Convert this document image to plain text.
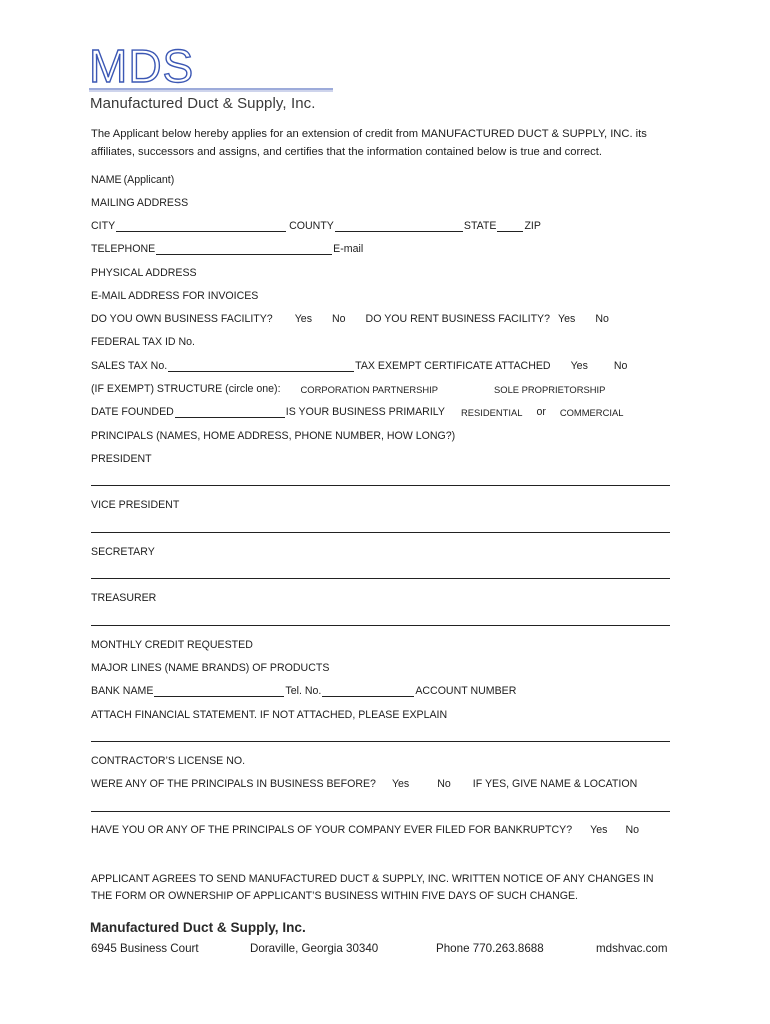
MDS
Manufactured Duct & Supply, Inc.
The Applicant below hereby applies for an extension of credit from MANUFACTURED DUCT & SUPPLY, INC. its affiliates, successors and assigns, and certifies that the information contained below is true and correct.
NAME (Applicant)
MAILING ADDRESS
CITY	COUNTY	STATE	ZIP
TELEPHONE	E-mail
PHYSICAL ADDRESS
E-MAIL ADDRESS FOR INVOICES
DO YOU OWN BUSINESS FACILITY? Yes No DO YOU RENT BUSINESS FACILITY? Yes No
FEDERAL TAX ID No.
SALES TAX No.	TAX EXEMPT CERTIFICATE ATTACHED Yes No
(IF EXEMPT) STRUCTURE (circle one): CORPORATION PARTNERSHIP	SOLE PROPRIETORSHIP
DATE FOUNDED	IS YOUR BUSINESS PRIMARILY RESIDENTIAL or COMMERCIAL
PRINCIPALS (NAMES, HOME ADDRESS, PHONE NUMBER, HOW LONG?)
PRESIDENT
VICE PRESIDENT
SECRETARY
TREASURER
MONTHLY CREDIT REQUESTED
MAJOR LINES (NAME BRANDS) OF PRODUCTS
BANK NAME	Tel. No.	ACCOUNT NUMBER
ATTACH FINANCIAL STATEMENT. IF NOT ATTACHED, PLEASE EXPLAIN
CONTRACTOR’S LICENSE NO.
WERE ANY OF THE PRINCIPALS IN BUSINESS BEFORE? Yes	No IF YES, GIVE NAME & LOCATION
HAVE YOU OR ANY OF THE PRINCIPALS OF YOUR COMPANY EVER FILED FOR BANKRUPTCY? Yes No
APPLICANT AGREES TO SEND MANUFACTURED DUCT & SUPPLY, INC. WRITTEN NOTICE OF ANY CHANGES IN THE FORM OR OWNERSHIP OF APPLICANT’S BUSINESS WITHIN FIVE DAYS OF SUCH CHANGE.
Manufactured Duct & Supply, Inc.
6945 Business Court	Doraville, Georgia 30340	Phone 770.263.8688	mdshvac.com
